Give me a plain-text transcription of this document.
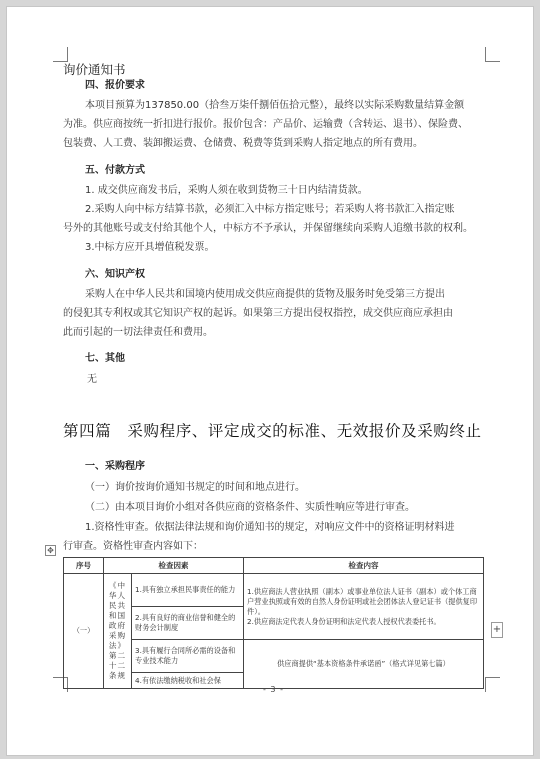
询价通知书
四、报价要求
本项目预算为137850.00（拾叁万柒仟捌佰伍拾元整），最终以实际采购数量结算金额
为准。供应商按统一折扣进行报价。报价包含：产品价、运输费（含转运、退书）、保险费、
包装费、人工费、装卸搬运费、仓储费、税费等货到采购人指定地点的所有费用。
五、付款方式
1. 成交供应商发书后，采购人须在收到货物三十日内结清货款。
2.采购人向中标方结算书款，必须汇入中标方指定账号；若采购人将书款汇入指定账
号外的其他账号或支付给其他个人，中标方不予承认，并保留继续向采购人追缴书款的权利。
3.中标方应开具增值税发票。
六、知识产权
采购人在中华人民共和国境内使用成交供应商提供的货物及服务时免受第三方提出
的侵犯其专利权或其它知识产权的起诉。如果第三方提出侵权指控，成交供应商应承担由
此而引起的一切法律责任和费用。
七、其他
无
第四篇　采购程序、评定成交的标准、无效报价及采购终止
一、采购程序
（一）询价按询价通知书规定的时间和地点进行。
（二）由本项目询价小组对各供应商的资格条件、实质性响应等进行审查。
1.资格性审查。依据法律法规和询价通知书的规定，对响应文件中的资格证明材料进
行审查。资格性审查内容如下：
✥
序号	检查因素		检查内容
（一）	《中华人民共和国政府采购法》第二十二条规	1.具有独立承担民事责任的能力	1.供应商法人营业执照（副本）或事业单位法人证书（副本）或个体工商户营业执照或有效的自然人身份证明或社会团体法人登记证书（提供复印件）。
2.供应商法定代表人身份证明和法定代表人授权代表委托书。

		2.具有良好的商业信誉和健全的财务会计制度	
		3.具有履行合同所必需的设备和专业技术能力	供应商提供“基本资格条件承诺函”（格式详见第七篇）
		4.有依法缴纳税收和社会保	
+
- 3 -
